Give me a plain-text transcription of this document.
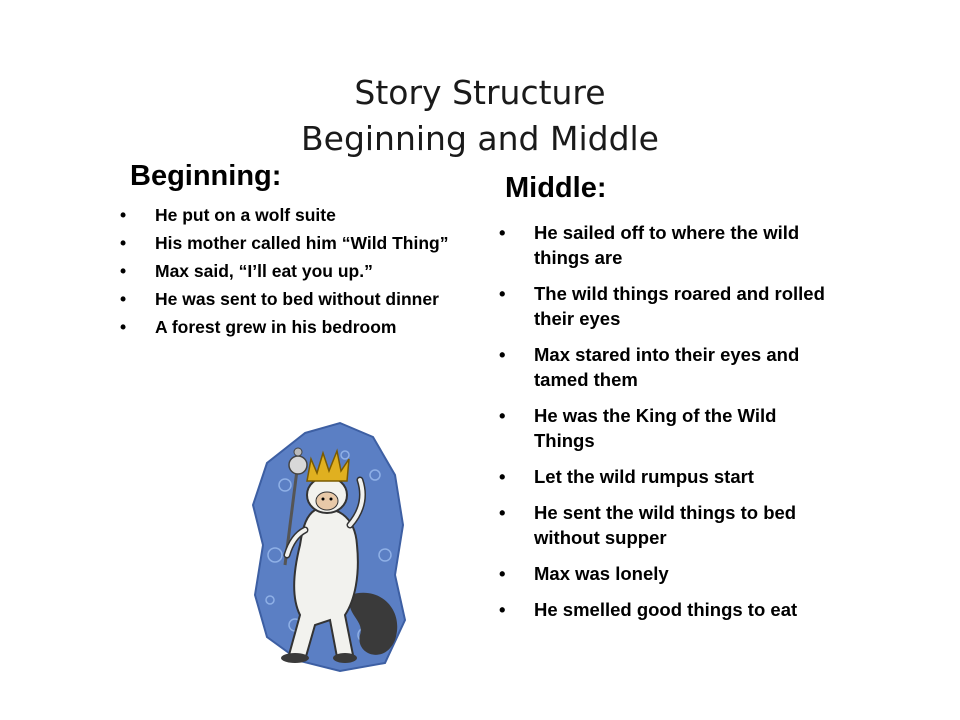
Story Structure
Beginning and Middle
Beginning:
• He put on a wolf suite
• His mother called him “Wild Thing”
• Max said, “I’ll eat you up.”
• He was sent to bed without dinner
• A forest grew in his bedroom
Middle:
• He sailed off to where the wild things are
• The wild things roared and rolled their eyes
• Max stared into their eyes and tamed them
• He was the King of the Wild Things
• Let the wild rumpus start
• He sent the wild things to bed without supper
• Max was lonely
• He smelled good things to eat
